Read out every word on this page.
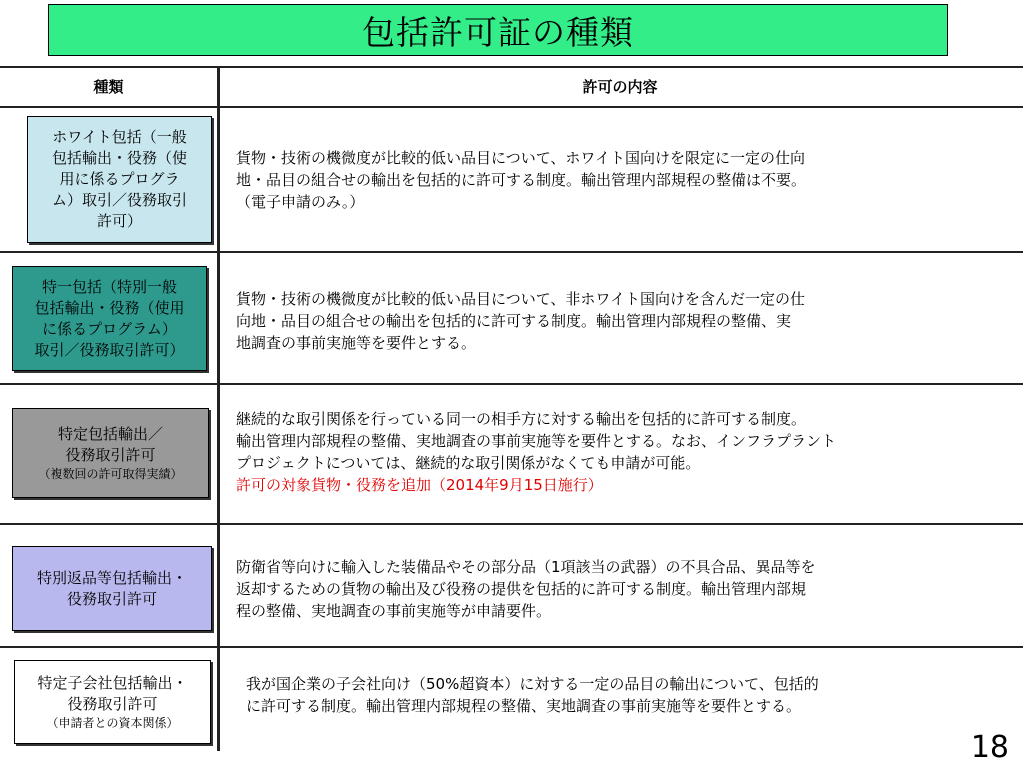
包括許可証の種類
種類	許可の内容
ホワイト包括（一般
包括輸出・役務（使
用に係るプログラ
ム）取引／役務取引
許可）
貨物・技術の機微度が比較的低い品目について、ホワイト国向けを限定に一定の仕向
地・品目の組合せの輸出を包括的に許可する制度。輸出管理内部規程の整備は不要。
（電子申請のみ。）
特一包括（特別一般
包括輸出・役務（使用
に係るプログラム）
取引／役務取引許可）
貨物・技術の機微度が比較的低い品目について、非ホワイト国向けを含んだ一定の仕
向地・品目の組合せの輸出を包括的に許可する制度。輸出管理内部規程の整備、実
地調査の事前実施等を要件とする。
特定包括輸出／
役務取引許可
（複数回の許可取得実績）
継続的な取引関係を行っている同一の相手方に対する輸出を包括的に許可する制度。
輸出管理内部規程の整備、実地調査の事前実施等を要件とする。なお、インフラプラント
プロジェクトについては、継続的な取引関係がなくても申請が可能。
許可の対象貨物・役務を追加（2014年9月15日施行）
特別返品等包括輸出・
役務取引許可
防衛省等向けに輸入した装備品やその部分品（1項該当の武器）の不具合品、異品等を
返却するための貨物の輸出及び役務の提供を包括的に許可する制度。輸出管理内部規
程の整備、実地調査の事前実施等が申請要件。
特定子会社包括輸出・
役務取引許可
（申請者との資本関係）
我が国企業の子会社向け（50%超資本）に対する一定の品目の輸出について、包括的
に許可する制度。輸出管理内部規程の整備、実地調査の事前実施等を要件とする。
18
